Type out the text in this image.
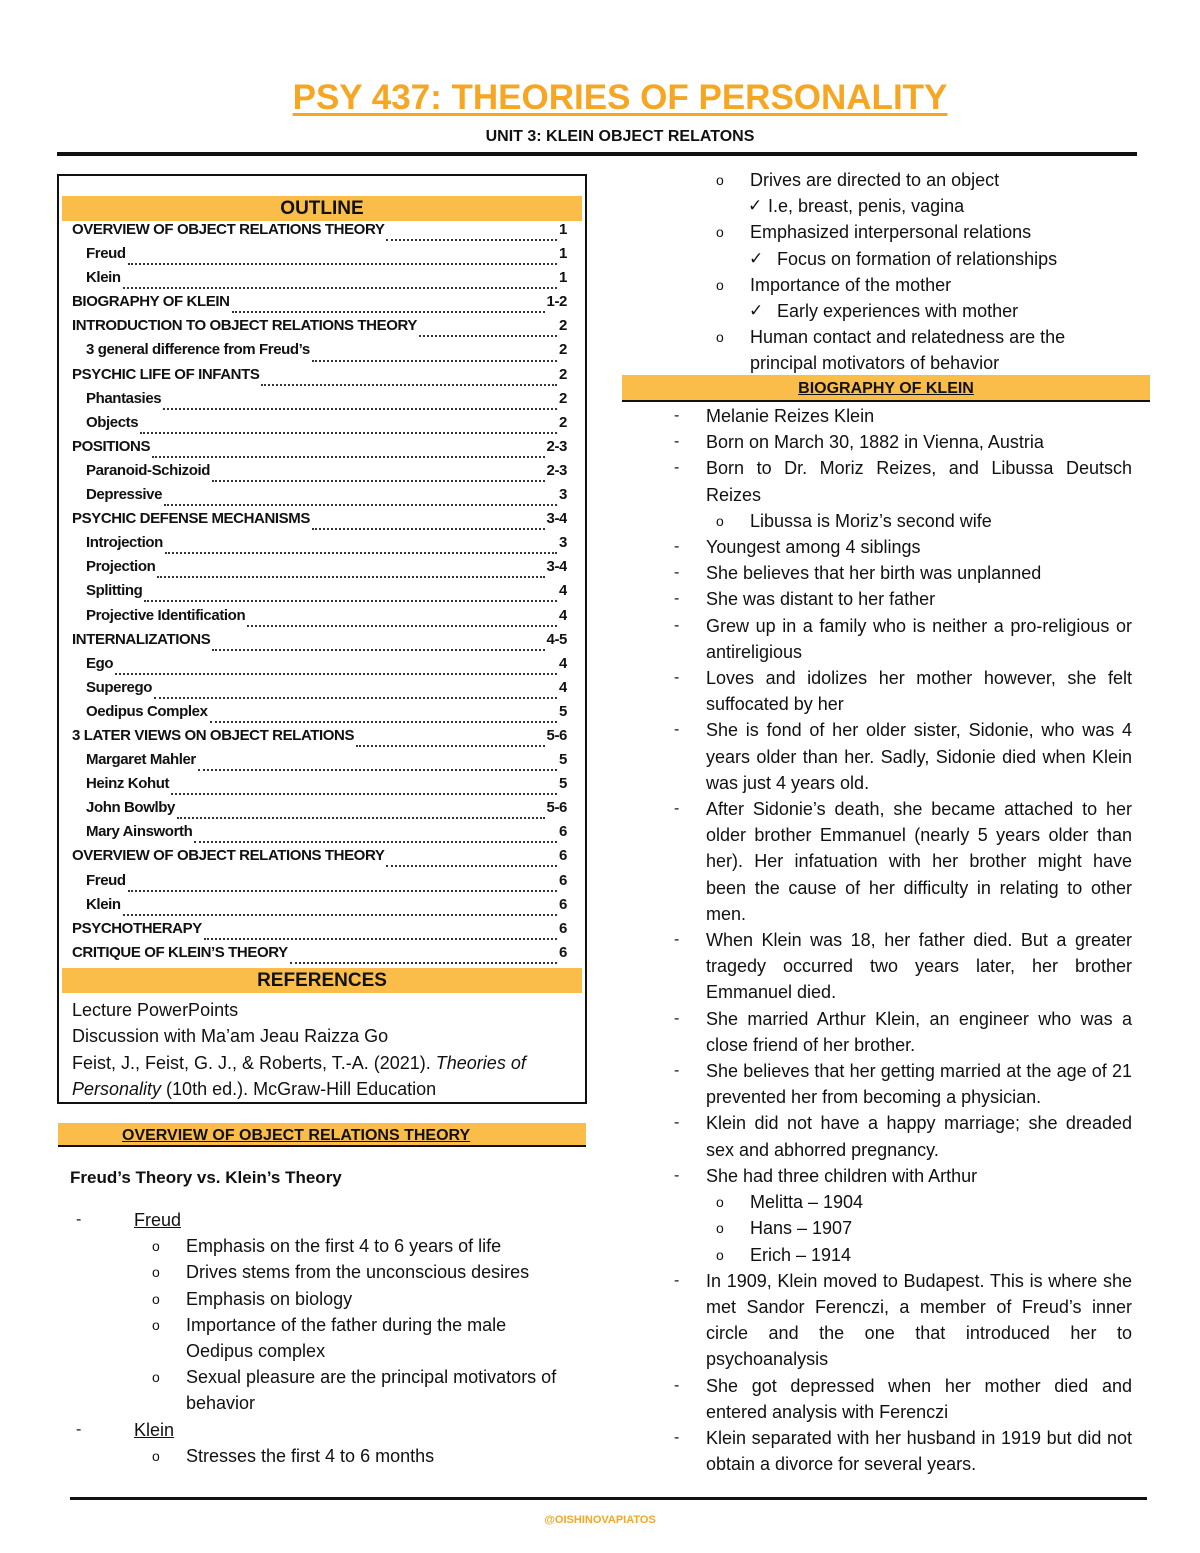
PSY 437: THEORIES OF PERSONALITY
UNIT 3: KLEIN OBJECT RELATONS
OUTLINE
OVERVIEW OF OBJECT RELATIONS THEORY	1
Freud	1
Klein	1
BIOGRAPHY OF KLEIN	1-2
INTRODUCTION TO OBJECT RELATIONS THEORY	2
3 general difference from Freud’s	2
PSYCHIC LIFE OF INFANTS	2
Phantasies	2
Objects	2
POSITIONS	2-3
Paranoid-Schizoid	2-3
Depressive	3
PSYCHIC DEFENSE MECHANISMS	3-4
Introjection	3
Projection	3-4
Splitting	4
Projective Identification	4
INTERNALIZATIONS	4-5
Ego	4
Superego	4
Oedipus Complex	5
3 LATER VIEWS ON OBJECT RELATIONS	5-6
Margaret Mahler	5
Heinz Kohut	5
John Bowlby	5-6
Mary Ainsworth	6
OVERVIEW OF OBJECT RELATIONS THEORY	6
Freud	6
Klein	6
PSYCHOTHERAPY	6
CRITIQUE OF KLEIN’S THEORY	6
REFERENCES
Lecture PowerPoints
Discussion with Ma’am Jeau Raizza Go
Feist, J., Feist, G. J., & Roberts, T.-A. (2021). Theories of Personality (10th ed.). McGraw-Hill Education
OVERVIEW OF OBJECT RELATIONS THEORY
Freud’s Theory vs. Klein’s Theory
-	Freud
o Emphasis on the first 4 to 6 years of life
o Drives stems from the unconscious desires
o Emphasis on biology
o Importance of the father during the male Oedipus complex
o Sexual pleasure are the principal motivators of behavior
-	Klein
o Stresses the first 4 to 6 months
o Drives are directed to an object
✓ I.e, breast, penis, vagina
o Emphasized interpersonal relations
✓ Focus on formation of relationships
o Importance of the mother
✓ Early experiences with mother
o Human contact and relatedness are the principal motivators of behavior
BIOGRAPHY OF KLEIN
- Melanie Reizes Klein
- Born on March 30, 1882 in Vienna, Austria
- Born to Dr. Moriz Reizes, and Libussa Deutsch Reizes
o Libussa is Moriz’s second wife
- Youngest among 4 siblings
- She believes that her birth was unplanned
- She was distant to her father
- Grew up in a family who is neither a pro-religious or antireligious
- Loves and idolizes her mother however, she felt suffocated by her
- She is fond of her older sister, Sidonie, who was 4 years older than her. Sadly, Sidonie died when Klein was just 4 years old.
- After Sidonie’s death, she became attached to her older brother Emmanuel (nearly 5 years older than her). Her infatuation with her brother might have been the cause of her difficulty in relating to other men.
- When Klein was 18, her father died. But a greater tragedy occurred two years later, her brother Emmanuel died.
- She married Arthur Klein, an engineer who was a close friend of her brother.
- She believes that her getting married at the age of 21 prevented her from becoming a physician.
- Klein did not have a happy marriage; she dreaded sex and abhorred pregnancy.
- She had three children with Arthur
o Melitta – 1904
o Hans – 1907
o Erich – 1914
- In 1909, Klein moved to Budapest. This is where she met Sandor Ferenczi, a member of Freud’s inner circle and the one that introduced her to psychoanalysis
- She got depressed when her mother died and entered analysis with Ferenczi
- Klein separated with her husband in 1919 but did not obtain a divorce for several years.
@OISHINOVAPIATOS
